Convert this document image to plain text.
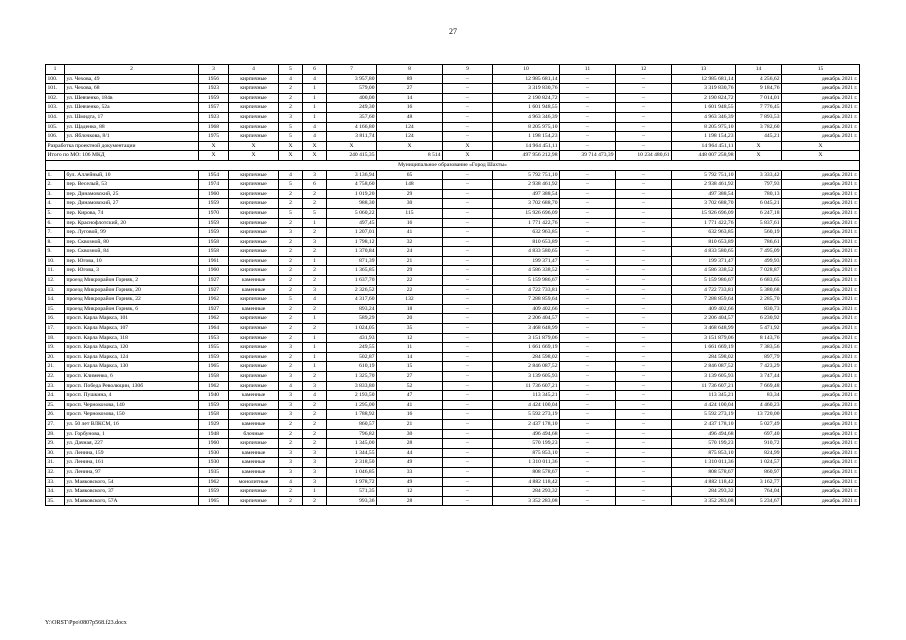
27
1	2	3	4	5	6	7	8	9	10	11	12	13	14	15
100.	ул. Чехова, 49	1956	кирпичные	4	4	3 957,80	89	–	12 985 681,14	–	–	12 985 681,14	4 256,62	декабрь 2021 г.
101.	ул. Чехова, 68	1923	кирпичные	2	1	579,00	27	–	3 319 830,76	–	–	3 319 830,76	9 184,76	декабрь 2021 г.
102.	ул. Шевченко, 184в	1959	кирпичные	2	1	400,00	14	–	2 190 824,72	–	–	2 190 824,72	7 014,01	декабрь 2021 г.
103.	ул. Шевченко, 52а	1957	кирпичные	2	1	249,30	16	–	1 601 948,55	–	–	1 601 948,55	7 776,45	декабрь 2021 г.
104.	ул. Шмидта, 17	1923	кирпичные	3	1	357,60	48	–	4 963 346,39	–	–	4 963 346,39	7 893,53	декабрь 2021 г.
105.	ул. Щаденко, 88	1968	кирпичные	5	4	4 166,80	124	–	8 205 975,10	–	–	8 205 975,10	3 782,60	декабрь 2021 г.
106.	ул. Яблочкова, 8/1	1975	кирпичные	5	4	3 811,74	124	–	1 198 154,23	–	–	1 198 154,23	445,21	декабрь 2021 г.
Разработка проектной документации		X	X	X	X	X	X	X	14 964 451,11	–	–	14 964 451,11	X	X
Итого по МО: 106 МКД		X	X	X	X	240 415,35	8 514	X	497 956 212,98	39 714 473,39	10 234 480,61	448 007 258,98	X	X
Муниципальное образование «Город Шахты»														
1.	бул. Аллейный, 10	1954	кирпичные	4	3	3 136,94	65	–	5 792 751,10	–	–	5 792 751,10	3 333,42	декабрь 2021 г.
2.	пер. Веселый, 53	1974	кирпичные	5	6	4 758,60	148	–	2 938 461,92	–	–	2 938 461,92	797,93	декабрь 2021 г.
3.	пер. Динамовский, 25	1960	кирпичные	2	2	1 019,20	29	–	497 388,54	–	–	497 388,54	780,13	декабрь 2021 г.
4.	пер. Динамовский, 27	1959	кирпичные	2	2	988,30	30	–	3 702 688,70	–	–	3 702 688,70	6 045,21	декабрь 2021 г.
5.	пер. Кирова, 74	1970	кирпичные	5	5	5 060,22	115	–	15 926 696,09	–	–	15 926 696,09	6 247,18	декабрь 2021 г.
6.	пер. Краснофлотский, 20	1959	кирпичные	2	1	497,45	16	–	1 771 422,76	–	–	1 771 422,76	5 837,61	декабрь 2021 г.
7.	пер. Луговой, 99	1959	кирпичные	3	2	1 207,01	41	–	632 963,85	–	–	632 963,85	560,19	декабрь 2021 г.
8.	пер. Сквозной, 80	1958	кирпичные	2	3	1 798,12	32	–	810 653,89	–	–	810 653,89	786,61	декабрь 2021 г.
9.	пер. Сквозной, 84	1958	кирпичные	2	2	1 370,84	24	–	4 833 580,65	–	–	4 833 580,65	7 495,09	декабрь 2021 г.
10.	пер. Югова, 10	1961	кирпичные	2	1	871,39	21	–	199 371,47	–	–	199 371,47	499,93	декабрь 2021 г.
11.	пер. Югова, 3	1960	кирпичные	2	2	1 365,85	29	–	4 586 338,52	–	–	4 586 338,52	7 028,87	декабрь 2021 г.
12.	проезд Микрорайон Горняк, 2	1927	каменные	2	2	1 637,70	22	–	5 159 986,67	–	–	5 159 986,67	6 683,65	декабрь 2021 г.
13.	проезд Микрорайон Горняк, 20	1927	каменные	2	3	2 326,52	22	–	4 722 733,81	–	–	4 722 733,81	5 380,68	декабрь 2021 г.
14.	проезд Микрорайон Горняк, 22	1962	кирпичные	5	4	4 317,60	132	–	7 288 859,64	–	–	7 288 859,64	2 285,70	декабрь 2021 г.
15.	проезд Микрорайон Горняк, 6	1927	каменные	2	2	893,24	18	–	409 402,66	–	–	409 402,66	830,73	декабрь 2021 г.
16.	просп. Карла Маркса, 101	1962	кирпичные	2	1	589,29	20	–	2 206 404,57	–	–	2 206 404,57	6 230,92	декабрь 2021 г.
17.	просп. Карла Маркса, 107	1964	кирпичные	2	2	1 024,05	35	–	3 468 648,99	–	–	3 468 648,99	5 471,92	декабрь 2021 г.
18.	просп. Карла Маркса, 118	1953	кирпичные	2	1	431,93	12	–	3 151 879,06	–	–	3 151 879,06	8 143,76	декабрь 2021 г.
19.	просп. Карла Маркса, 120	1955	кирпичные	3	1	249,55	11	–	1 661 669,19	–	–	1 661 669,19	7 383,56	декабрь 2021 г.
20.	просп. Карла Маркса, 124	1959	кирпичные	2	1	502,87	14	–	284 598,02	–	–	284 598,02	897,79	декабрь 2021 г.
21.	просп. Карла Маркса, 130	1965	кирпичные	2	1	610,19	15	–	2 846 087,52	–	–	2 846 087,52	7 423,29	декабрь 2021 г.
22.	просп. Клименко, 6	1958	кирпичные	3	2	1 325,70	27	–	3 139 605,93	–	–	3 139 605,93	3 747,44	декабрь 2021 г.
23.	просп. Победа Революции, 130б	1962	кирпичные	4	3	3 833,80	52	–	11 736 607,21	–	–	11 736 607,21	7 669,48	декабрь 2021 г.
24.	просп. Пушкина, 4	1940	каменные	3	4	2 193,50	47	–	113 345,21	–	–	113 345,21	83,34	декабрь 2021 г.
25.	просп. Чернокозова, 140	1959	кирпичные	3	2	1 295,00	41	–	4 424 100,04	–	–	4 424 100,04	4 460,23	декабрь 2021 г.
26.	просп. Чернокозова, 150	1958	кирпичные	3	2	1 788,92	16	–	5 592 273,19	–	–	5 592 273,19	13 720,00	декабрь 2021 г.
27.	ул. 50 лет ВЛКСМ, 16	1929	каменные	2	2	860,57	21	–	2 437 178,10	–	–	2 437 178,10	5 027,49	декабрь 2021 г.
28.	ул. Горбунова, 1	1948	блочные	2	2	796,82	30	–	496 494,68	–	–	496 494,68	697,40	декабрь 2021 г.
29.	ул. Дачная, 227	1960	кирпичные	2	2	1 345,00	28	–	570 199,23	–	–	570 199,23	910,72	декабрь 2021 г.
30.	ул. Ленина, 159	1930	каменные	3	3	1 344,55	44	–	875 853,10	–	–	875 853,10	824,99	декабрь 2021 г.
31.	ул. Ленина, 161	1930	каменные	3	3	2 318,50	49	–	1 310 011,36	–	–	1 310 011,36	1 024,57	декабрь 2021 г.
32.	ул. Ленина, 97	1935	каменные	3	3	1 046,85	33	–	808 578,67	–	–	808 578,67	860,97	декабрь 2021 г.
33.	ул. Маяковского, 54	1962	монолитные	4	3	1 978,72	49	–	4 882 118,42	–	–	4 882 118,42	3 162,77	декабрь 2021 г.
34.	ул. Маяковского, 37	1959	кирпичные	2	1	571,35	12	–	284 293,32	–	–	284 293,32	764,04	декабрь 2021 г.
35.	ул. Маяковского, 57А	1965	кирпичные	2	2	993,36	28	–	3 352 283,08	–	–	3 352 283,08	5 234,67	декабрь 2021 г.
Y:\ORST\Ppo\0807p568.f23.docx
